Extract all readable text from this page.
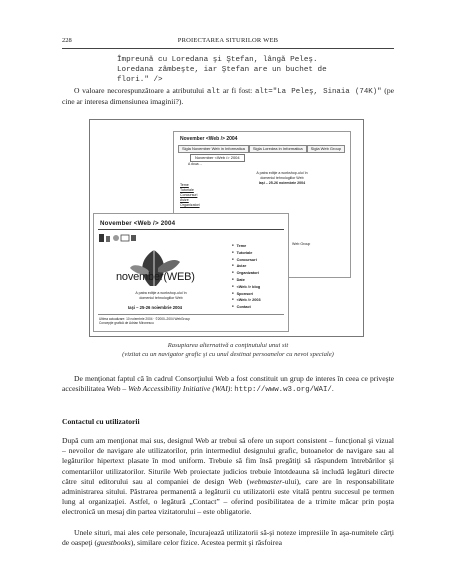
228	PROIECTAREA SITURILOR WEB
Împreună cu Loredana şi Ştefan, lângă Peleş.
Loredana zâmbeşte, iar Ştefan are un buchet de
flori." />
O valoare necorespunzătoare a atributului alt ar fi fost: alt="La Peleş, Sinaia (74K)" (pe cine ar interesa dimensiunea imaginii?).
November <Web /> 2004
Sigla November Web in Informatica	Sigla Loredea in Informatica	Sigla Web Group
November <Web /> 2004
A doua ...
A patra ediţie a workshop-ului în
domeniul tehnologiilor Web
Iaşi – 25-26 noiembrie 2004
Teme
Tutoriale
Concursuri
Avize
Organizatori
Web Group
November <Web /> 2004
november(WEB)
A patra ediţie a workshop-ului în
domeniul tehnologiilor Web
Iaşi – 25-26 noiembrie 2004
■ Teme
■ Tutoriale
■ Concursuri
■ Avize
■ Organizatori
■ Date
■ <Web /> blog
■ Sponsori
■ <Web /> 2003
■ Contact
Ultima actualizare: 10 noiembrie 2004 · ©2000–2004 WebGroup
Concepţie grafică de Adrian Mironescu
Rasupiarea alternativă a conţinutului unui sit
(vizitat cu un navigator grafic şi cu unul destinat persoanelor cu nevoi speciale)
De menţionat faptul că în cadrul Consorţiului Web a fost constituit un grup de interes în ceea ce priveşte accesibilitatea Web – Web Accessibility Initiative (WAI): http://www.w3.org/WAI/.
Contactul cu utilizatorii
După cum am menţionat mai sus, designul Web ar trebui să ofere un suport consistent – funcţional şi vizual – nevoilor de navigare ale utilizatorilor, prin intermediul designului grafic, butoanelor de navigare sau al legăturilor hipertext plasate în mod uniform. Trebuie să fim însă pregătiţi să răspundem întrebărilor şi comentariilor utilizatorilor. Siturile Web proiectate judicios trebuie întotdeauna să includă legături directe către situl editorului sau al companiei de design Web (webmaster-ului), care are în responsabilitate administrarea sitului. Păstrarea permanentă a legăturii cu utilizatorii este vitală pentru succesul pe termen lung al organizaţiei. Astfel, o legătură „Contact” – oferind posibilitatea de a trimite măcar prin poşta electronică un mesaj din partea vizitatorului – este obligatorie.
Unele situri, mai ales cele personale, încurajează utilizatorii să-şi noteze impresiile în aşa-numitele cărţi de oaspeţi (guestbooks), similare celor fizice. Acestea permit şi răsfoirea
